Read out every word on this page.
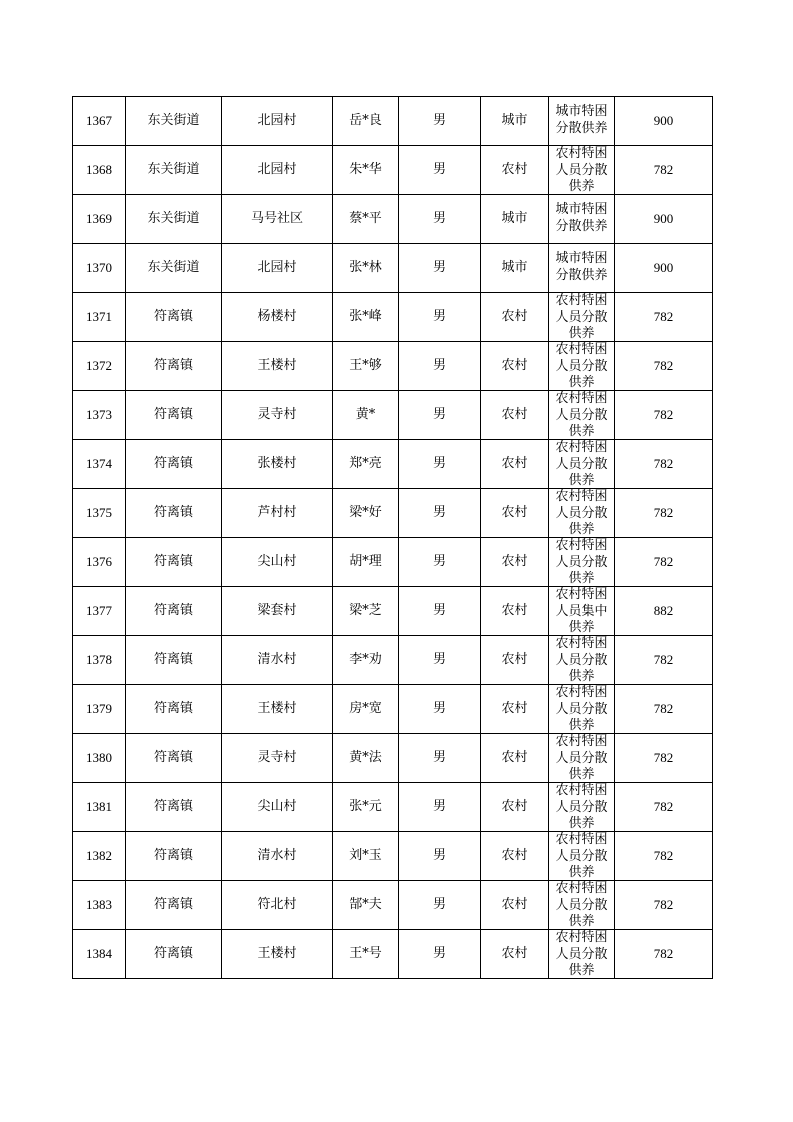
1367	东关街道	北园村	岳*良	男	城市	城市特困分散供养	900
1368	东关街道	北园村	朱*华	男	农村	农村特困人员分散供养	782
1369	东关街道	马号社区	蔡*平	男	城市	城市特困分散供养	900
1370	东关街道	北园村	张*林	男	城市	城市特困分散供养	900
1371	符离镇	杨楼村	张*峰	男	农村	农村特困人员分散供养	782
1372	符离镇	王楼村	王*够	男	农村	农村特困人员分散供养	782
1373	符离镇	灵寺村	黄*	男	农村	农村特困人员分散供养	782
1374	符离镇	张楼村	郑*亮	男	农村	农村特困人员分散供养	782
1375	符离镇	芦村村	梁*好	男	农村	农村特困人员分散供养	782
1376	符离镇	尖山村	胡*理	男	农村	农村特困人员分散供养	782
1377	符离镇	梁套村	梁*芝	男	农村	农村特困人员集中供养	882
1378	符离镇	清水村	李*劝	男	农村	农村特困人员分散供养	782
1379	符离镇	王楼村	房*宽	男	农村	农村特困人员分散供养	782
1380	符离镇	灵寺村	黄*法	男	农村	农村特困人员分散供养	782
1381	符离镇	尖山村	张*元	男	农村	农村特困人员分散供养	782
1382	符离镇	清水村	刘*玉	男	农村	农村特困人员分散供养	782
1383	符离镇	符北村	郜*夫	男	农村	农村特困人员分散供养	782
1384	符离镇	王楼村	王*号	男	农村	农村特困人员分散供养	782
